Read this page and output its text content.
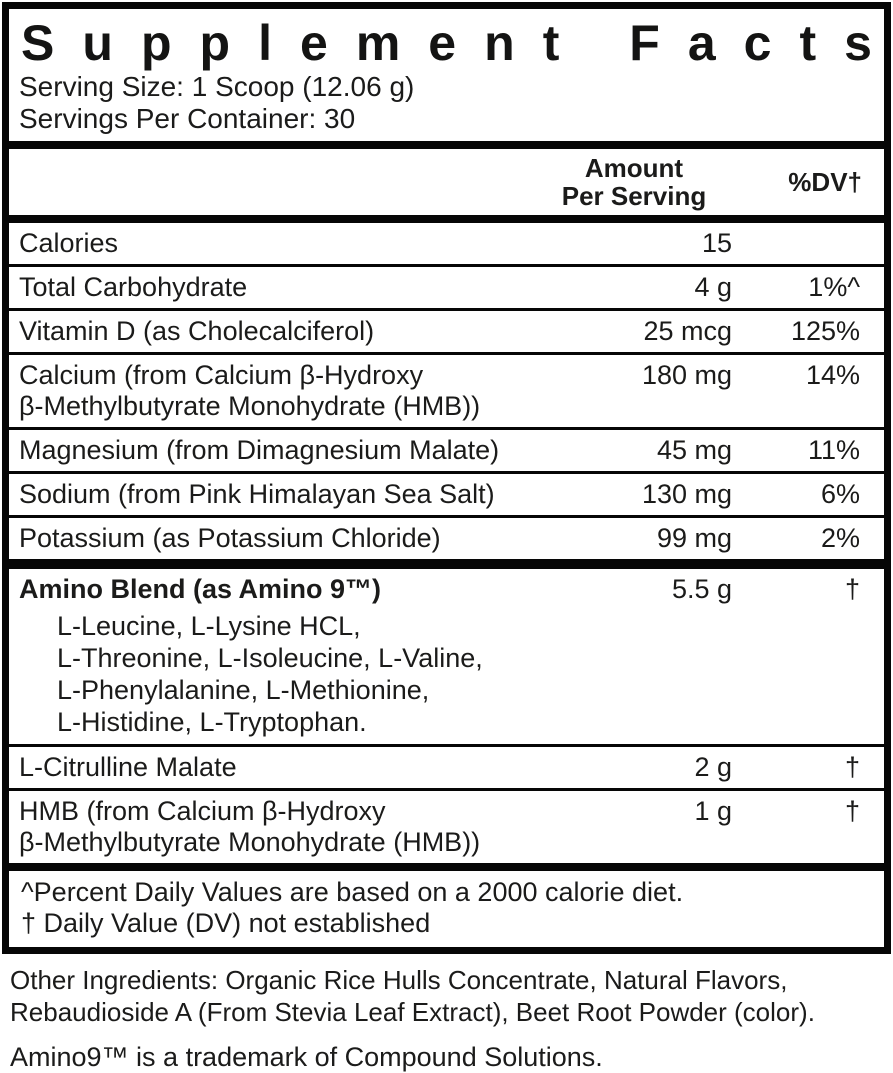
S u p p l e m e n t
F a c t s
Serving Size: 1 Scoop (12.06 g)
Servings Per Container: 30
Amount
Per Serving	%DV†
Calories	15
Total Carbohydrate	4 g	1%^
Vitamin D (as Cholecalciferol)	25 mcg	125%
Calcium (from Calcium β-Hydroxy
β-Methylbutyrate Monohydrate (HMB))
180 mg	14%
Magnesium (from Dimagnesium Malate)	45 mg	11%
Sodium (from Pink Himalayan Sea Salt)	130 mg	6%
Potassium (as Potassium Chloride)	99 mg	2%
Amino Blend (as Amino 9™)	5.5 g	†
L-Leucine, L-Lysine HCL,
L-Threonine, L-Isoleucine, L-Valine,
L-Phenylalanine, L-Methionine,
L-Histidine, L-Tryptophan.
L-Citrulline Malate	2 g	†
HMB (from Calcium β-Hydroxy
β-Methylbutyrate Monohydrate (HMB))
1 g	†
^Percent Daily Values are based on a 2000 calorie diet.
† Daily Value (DV) not established
Other Ingredients: Organic Rice Hulls Concentrate, Natural Flavors,
Rebaudioside A (From Stevia Leaf Extract), Beet Root Powder (color).
Amino9™ is a trademark of Compound Solutions.
